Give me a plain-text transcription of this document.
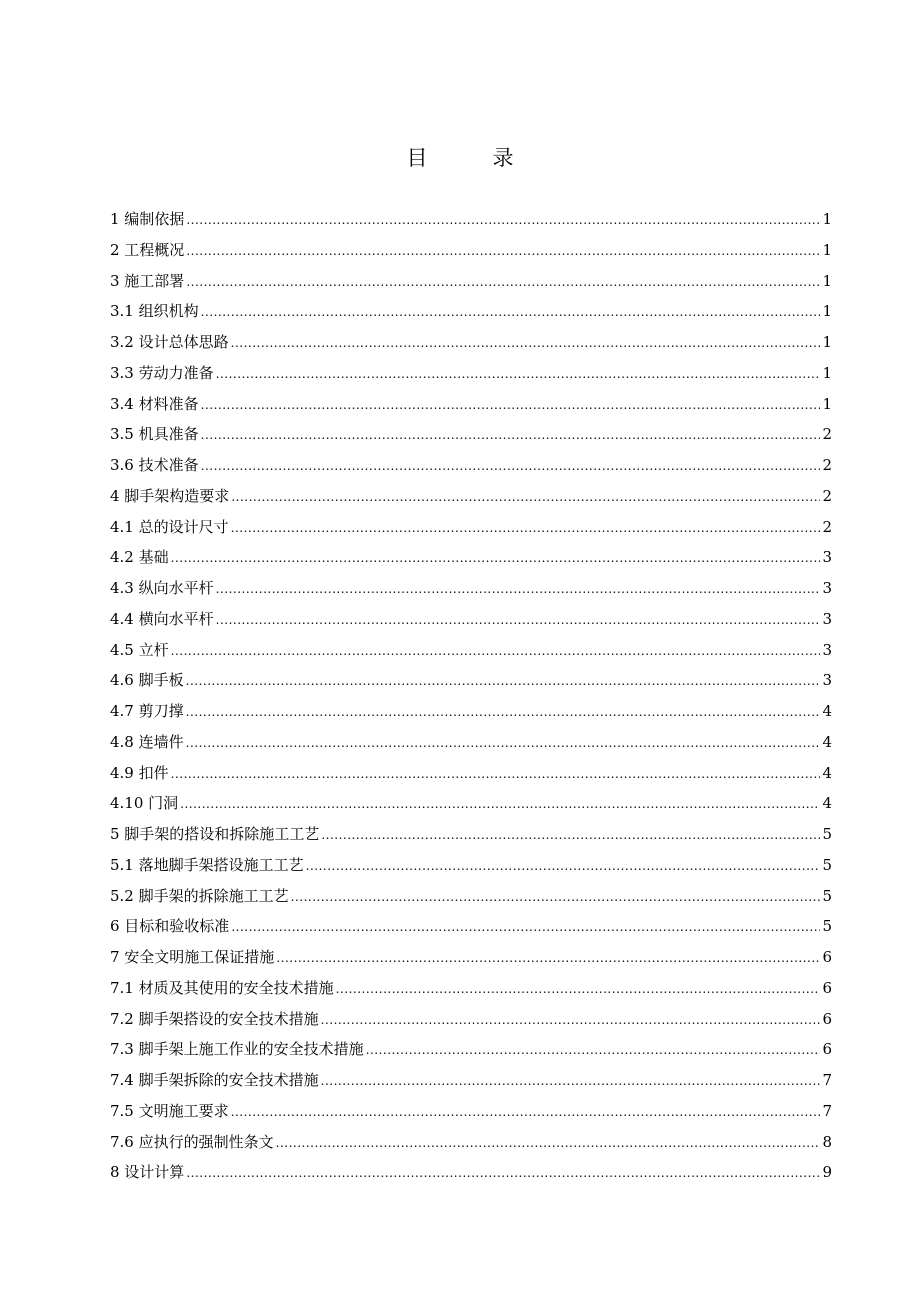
目　录
1 编制依据 .....	1
2 工程概况 .....	1
3 施工部署 .....	1
3.1 组织机构 .....	1
3.2 设计总体思路 .....	1
3.3 劳动力准备 .....	1
3.4 材料准备 .....	1
3.5 机具准备 .....	2
3.6 技术准备 .....	2
4 脚手架构造要求 .....	2
4.1 总的设计尺寸 .....	2
4.2 基础 .....	3
4.3 纵向水平杆 .....	3
4.4 横向水平杆 .....	3
4.5 立杆 .....	3
4.6 脚手板 .....	3
4.7 剪刀撑 .....	4
4.8 连墙件 .....	4
4.9 扣件 .....	4
4.10 门洞 .....	4
5 脚手架的搭设和拆除施工工艺 .....	5
5.1 落地脚手架搭设施工工艺 .....	5
5.2 脚手架的拆除施工工艺 .....	5
6 目标和验收标准 .....	5
7 安全文明施工保证措施 .....	6
7.1 材质及其使用的安全技术措施 .....	6
7.2 脚手架搭设的安全技术措施 .....	6
7.3 脚手架上施工作业的安全技术措施 .....	6
7.4 脚手架拆除的安全技术措施 .....	7
7.5 文明施工要求 .....	7
7.6 应执行的强制性条文 .....	8
8 设计计算 .....	9
